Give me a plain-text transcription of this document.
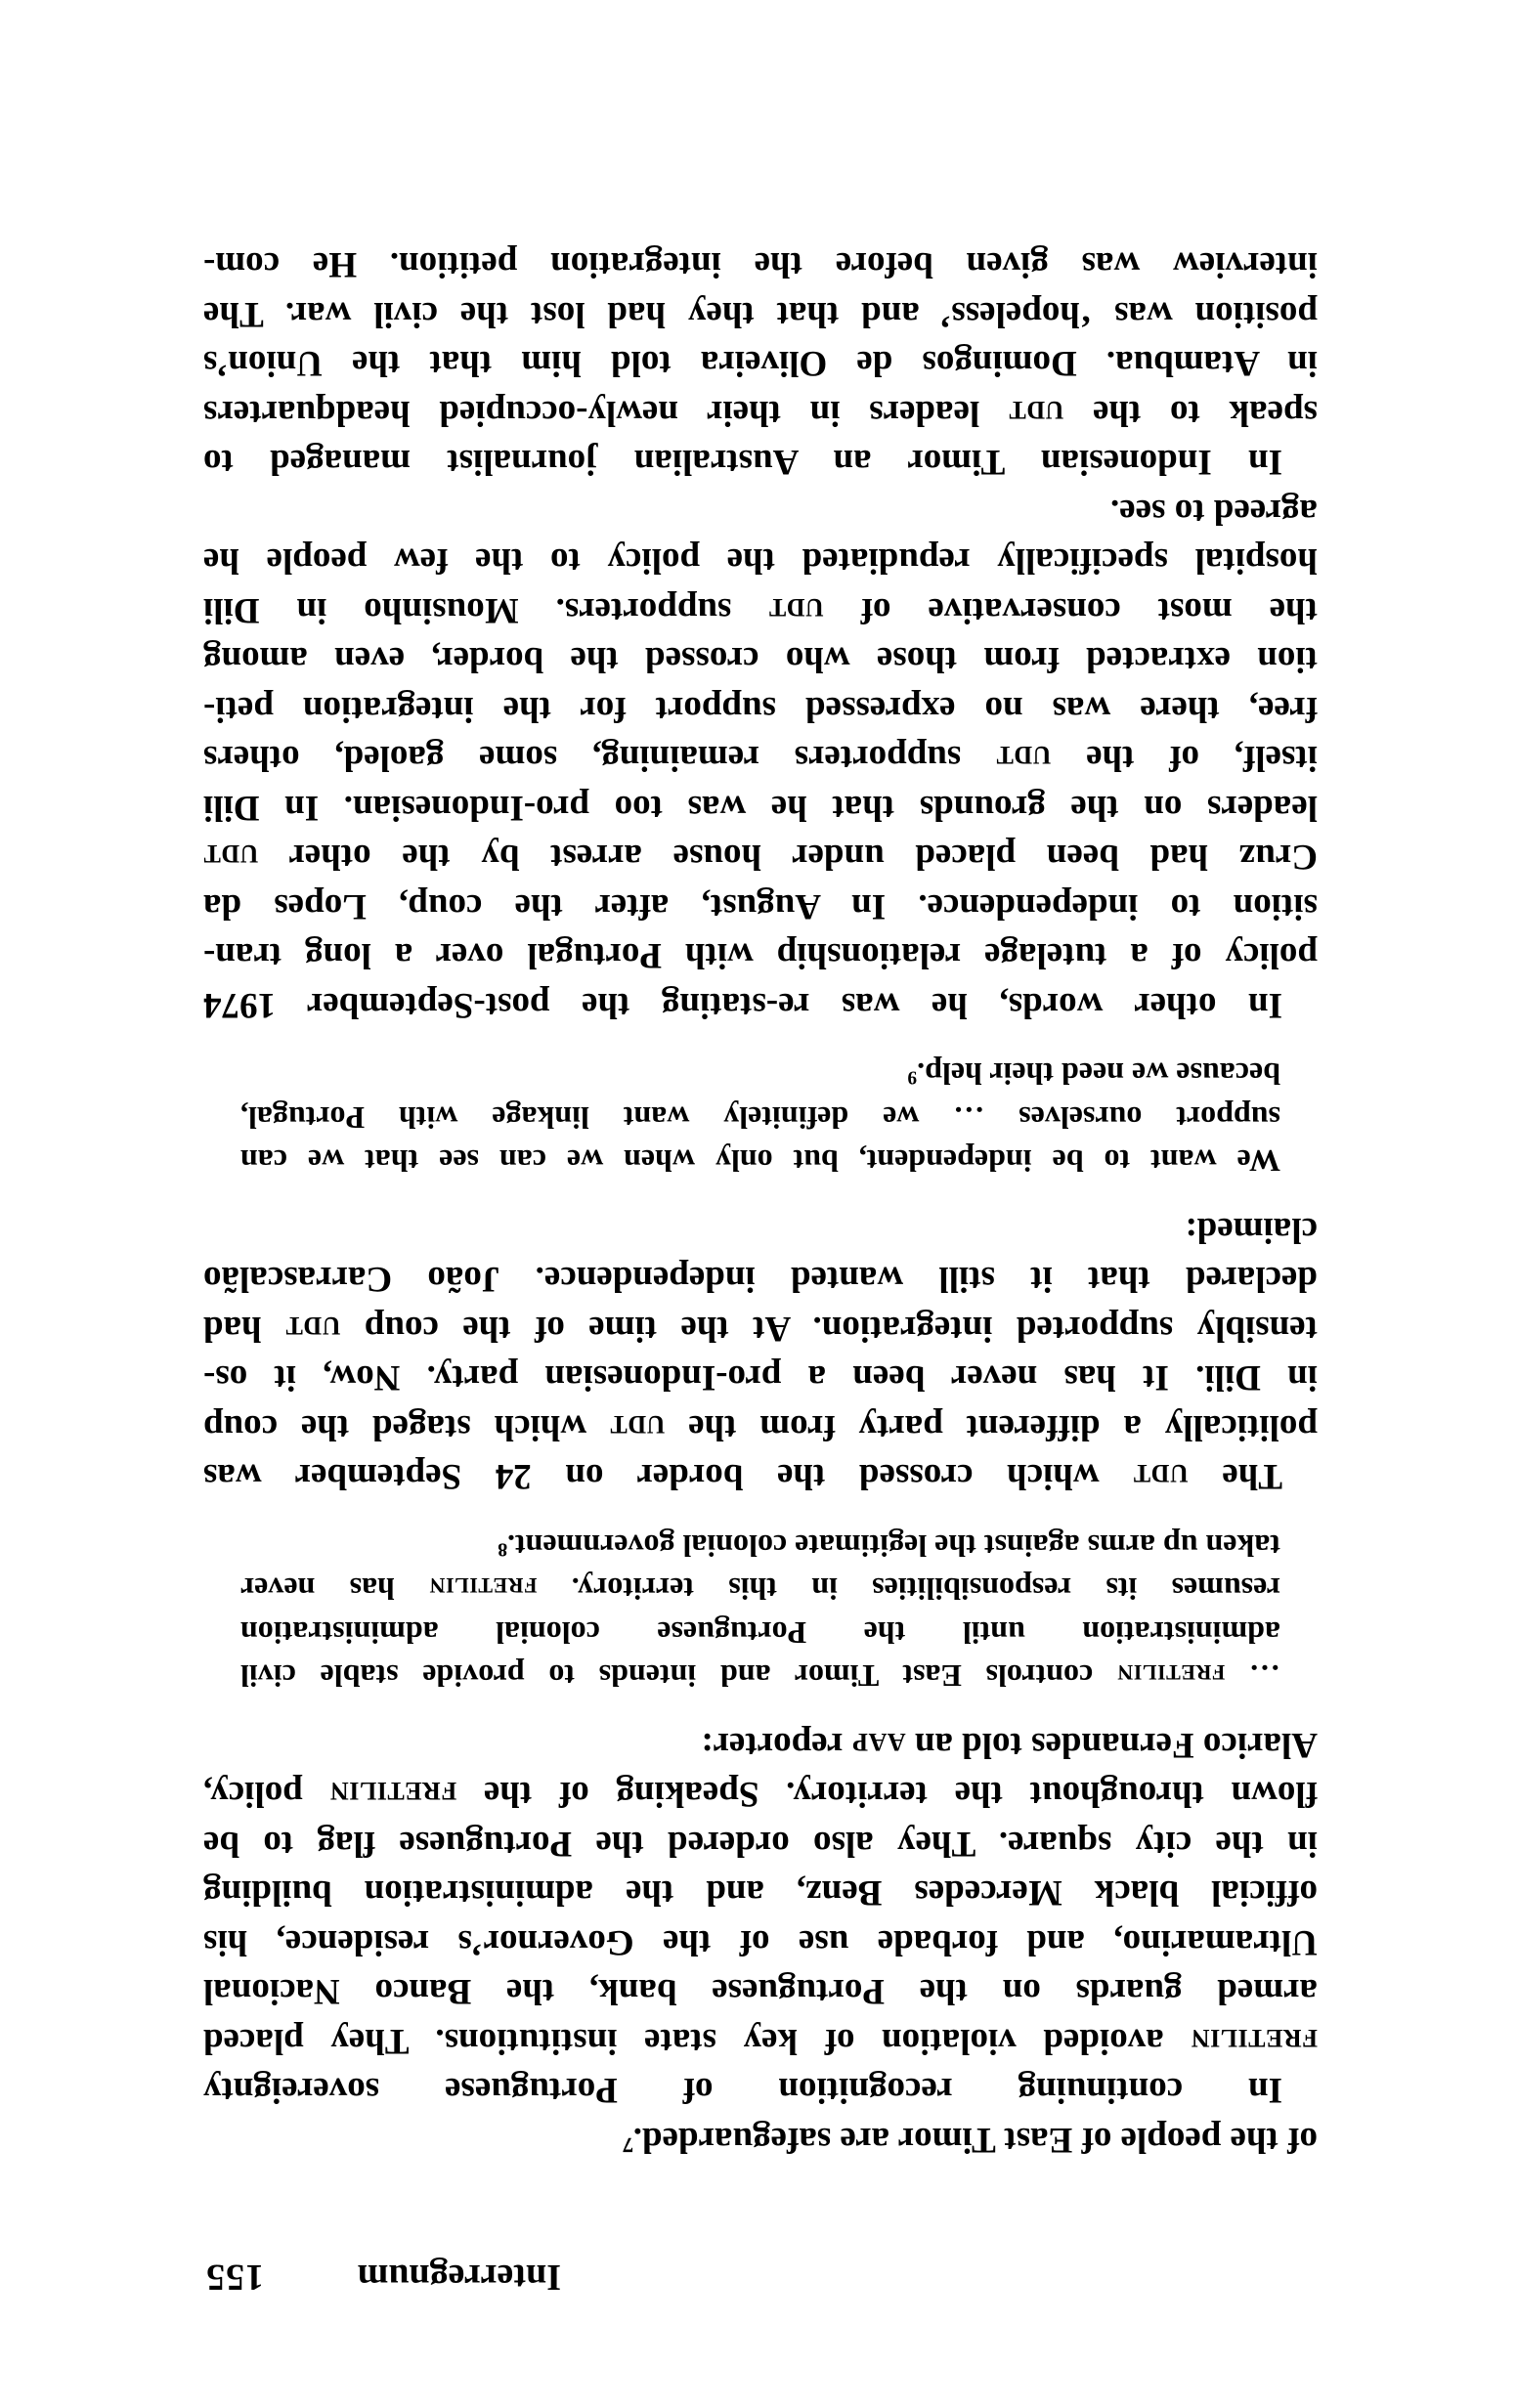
Interregnum
155
of the people of East Timor are safeguarded.⁷
In continuing recognition of Portuguese sovereignty
fretilin avoided violation of key state institutions. They placed
armed guards on the Portuguese bank, the Banco Nacional
Ultramarino, and forbade use of the Governor’s residence, his
official black Mercedes Benz, and the administration building
in the city square. They also ordered the Portuguese flag to be
flown throughout the territory. Speaking of the fretilin policy,
Alarico Fernandes told an aap reporter:
… fretilin controls East Timor and intends to provide stable civil
administration until the Portuguese colonial administration
resumes its responsibilities in this territory. fretilin has never
taken up arms against the legitimate colonial government.⁸
The udt which crossed the border on 24 September was
politically a different party from the udt which staged the coup
in Dili. It has never been a pro-Indonesian party. Now, it os-
tensibly supported integration. At the time of the coup udt had
declared that it still wanted independence. João Carrascalão
claimed:
We want to be independent, but only when we can see that we can
support ourselves … we definitely want linkage with Portugal,
because we need their help.⁹
In other words, he was re-stating the post-September 1974
policy of a tutelage relationship with Portugal over a long tran-
sition to independence. In August, after the coup, Lopes da
Cruz had been placed under house arrest by the other udt
leaders on the grounds that he was too pro-Indonesian. In Dili
itself, of the udt supporters remaining, some gaoled, others
free, there was no expressed support for the integration peti-
tion extracted from those who crossed the border, even among
the most conservative of udt supporters. Mousinho in Dili
hospital specifically repudiated the policy to the few people he
agreed to see.
In Indonesian Timor an Australian journalist managed to
speak to the udt leaders in their newly-occupied headquarters
in Atambua. Domingos de Oliveira told him that the Union’s
position was ‘hopeless’ and that they had lost the civil war. The
interview was given before the integration petition. He com-
